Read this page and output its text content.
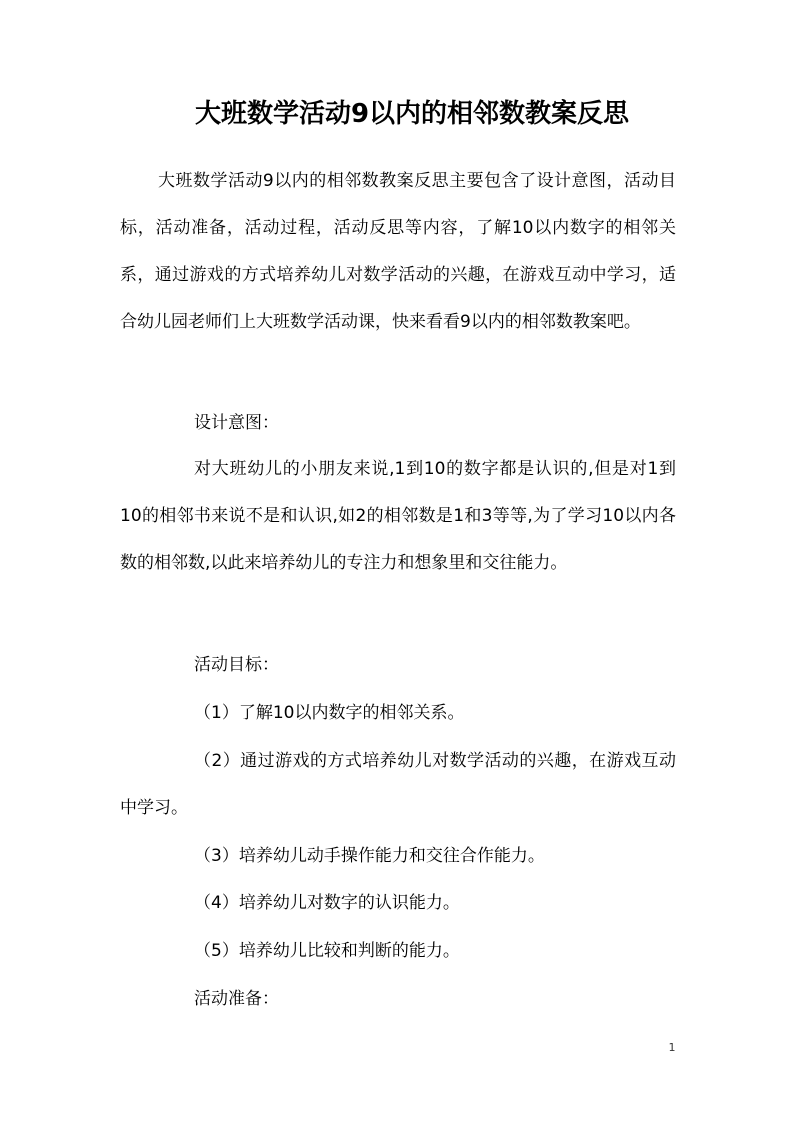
大班数学活动9以内的相邻数教案反思

大班数学活动9以内的相邻数教案反思主要包含了设计意图，活动目标，活动准备，活动过程，活动反思等内容，了解10以内数字的相邻关系，通过游戏的方式培养幼儿对数学活动的兴趣，在游戏互动中学习，适合幼儿园老师们上大班数学活动课，快来看看9以内的相邻数教案吧。

设计意图：

对大班幼儿的小朋友来说,1到10的数字都是认识的,但是对1到10的相邻书来说不是和认识,如2的相邻数是1和3等等,为了学习10以内各数的相邻数,以此来培养幼儿的专注力和想象里和交往能力。

活动目标：

（1）了解10以内数字的相邻关系。

（2）通过游戏的方式培养幼儿对数学活动的兴趣，在游戏互动中学习。

（3）培养幼儿动手操作能力和交往合作能力。

（4）培养幼儿对数字的认识能力。

（5）培养幼儿比较和判断的能力。

活动准备：

1
